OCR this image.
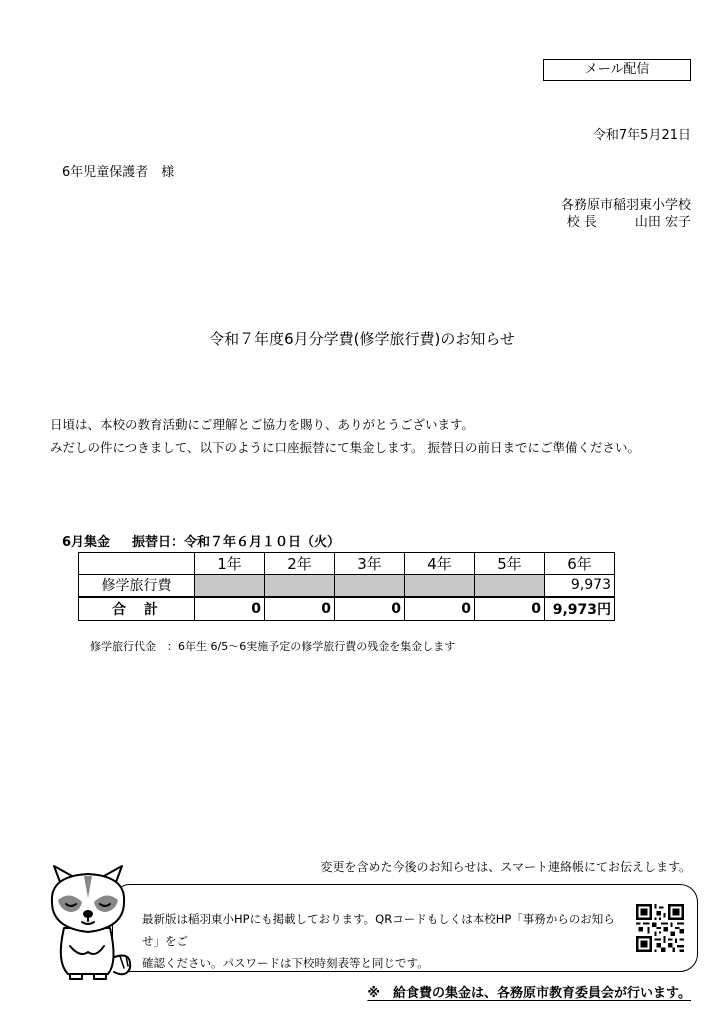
メール配信
令和7年5月21日
6年児童保護者　様
各務原市稲羽東小学校
校 長	山田 宏子
令和７年度6月分学費(修学旅行費)のお知らせ
日頃は、本校の教育活動にご理解とご協力を賜り、ありがとうございます。
みだしの件につきまして、以下のように口座振替にて集金します。 振替日の前日までにご準備ください。
6月集金 振替日：令和７年６月１０日（火）
	1年	2年	3年	4年	5年	6年
修学旅行費						9,973
合計	0	0	0	0	0	9,973円
修学旅行代金　：6年生 6/5～6実施予定の修学旅行費の残金を集金します
変更を含めた今後のお知らせは、スマート連絡帳にてお伝えします。
最新版は稲羽東小HPにも掲載しております。QRコードもしくは本校HP「事務からのお知らせ」をご
確認ください。パスワードは下校時刻表等と同じです。
※　給食費の集金は、各務原市教育委員会が行います。
